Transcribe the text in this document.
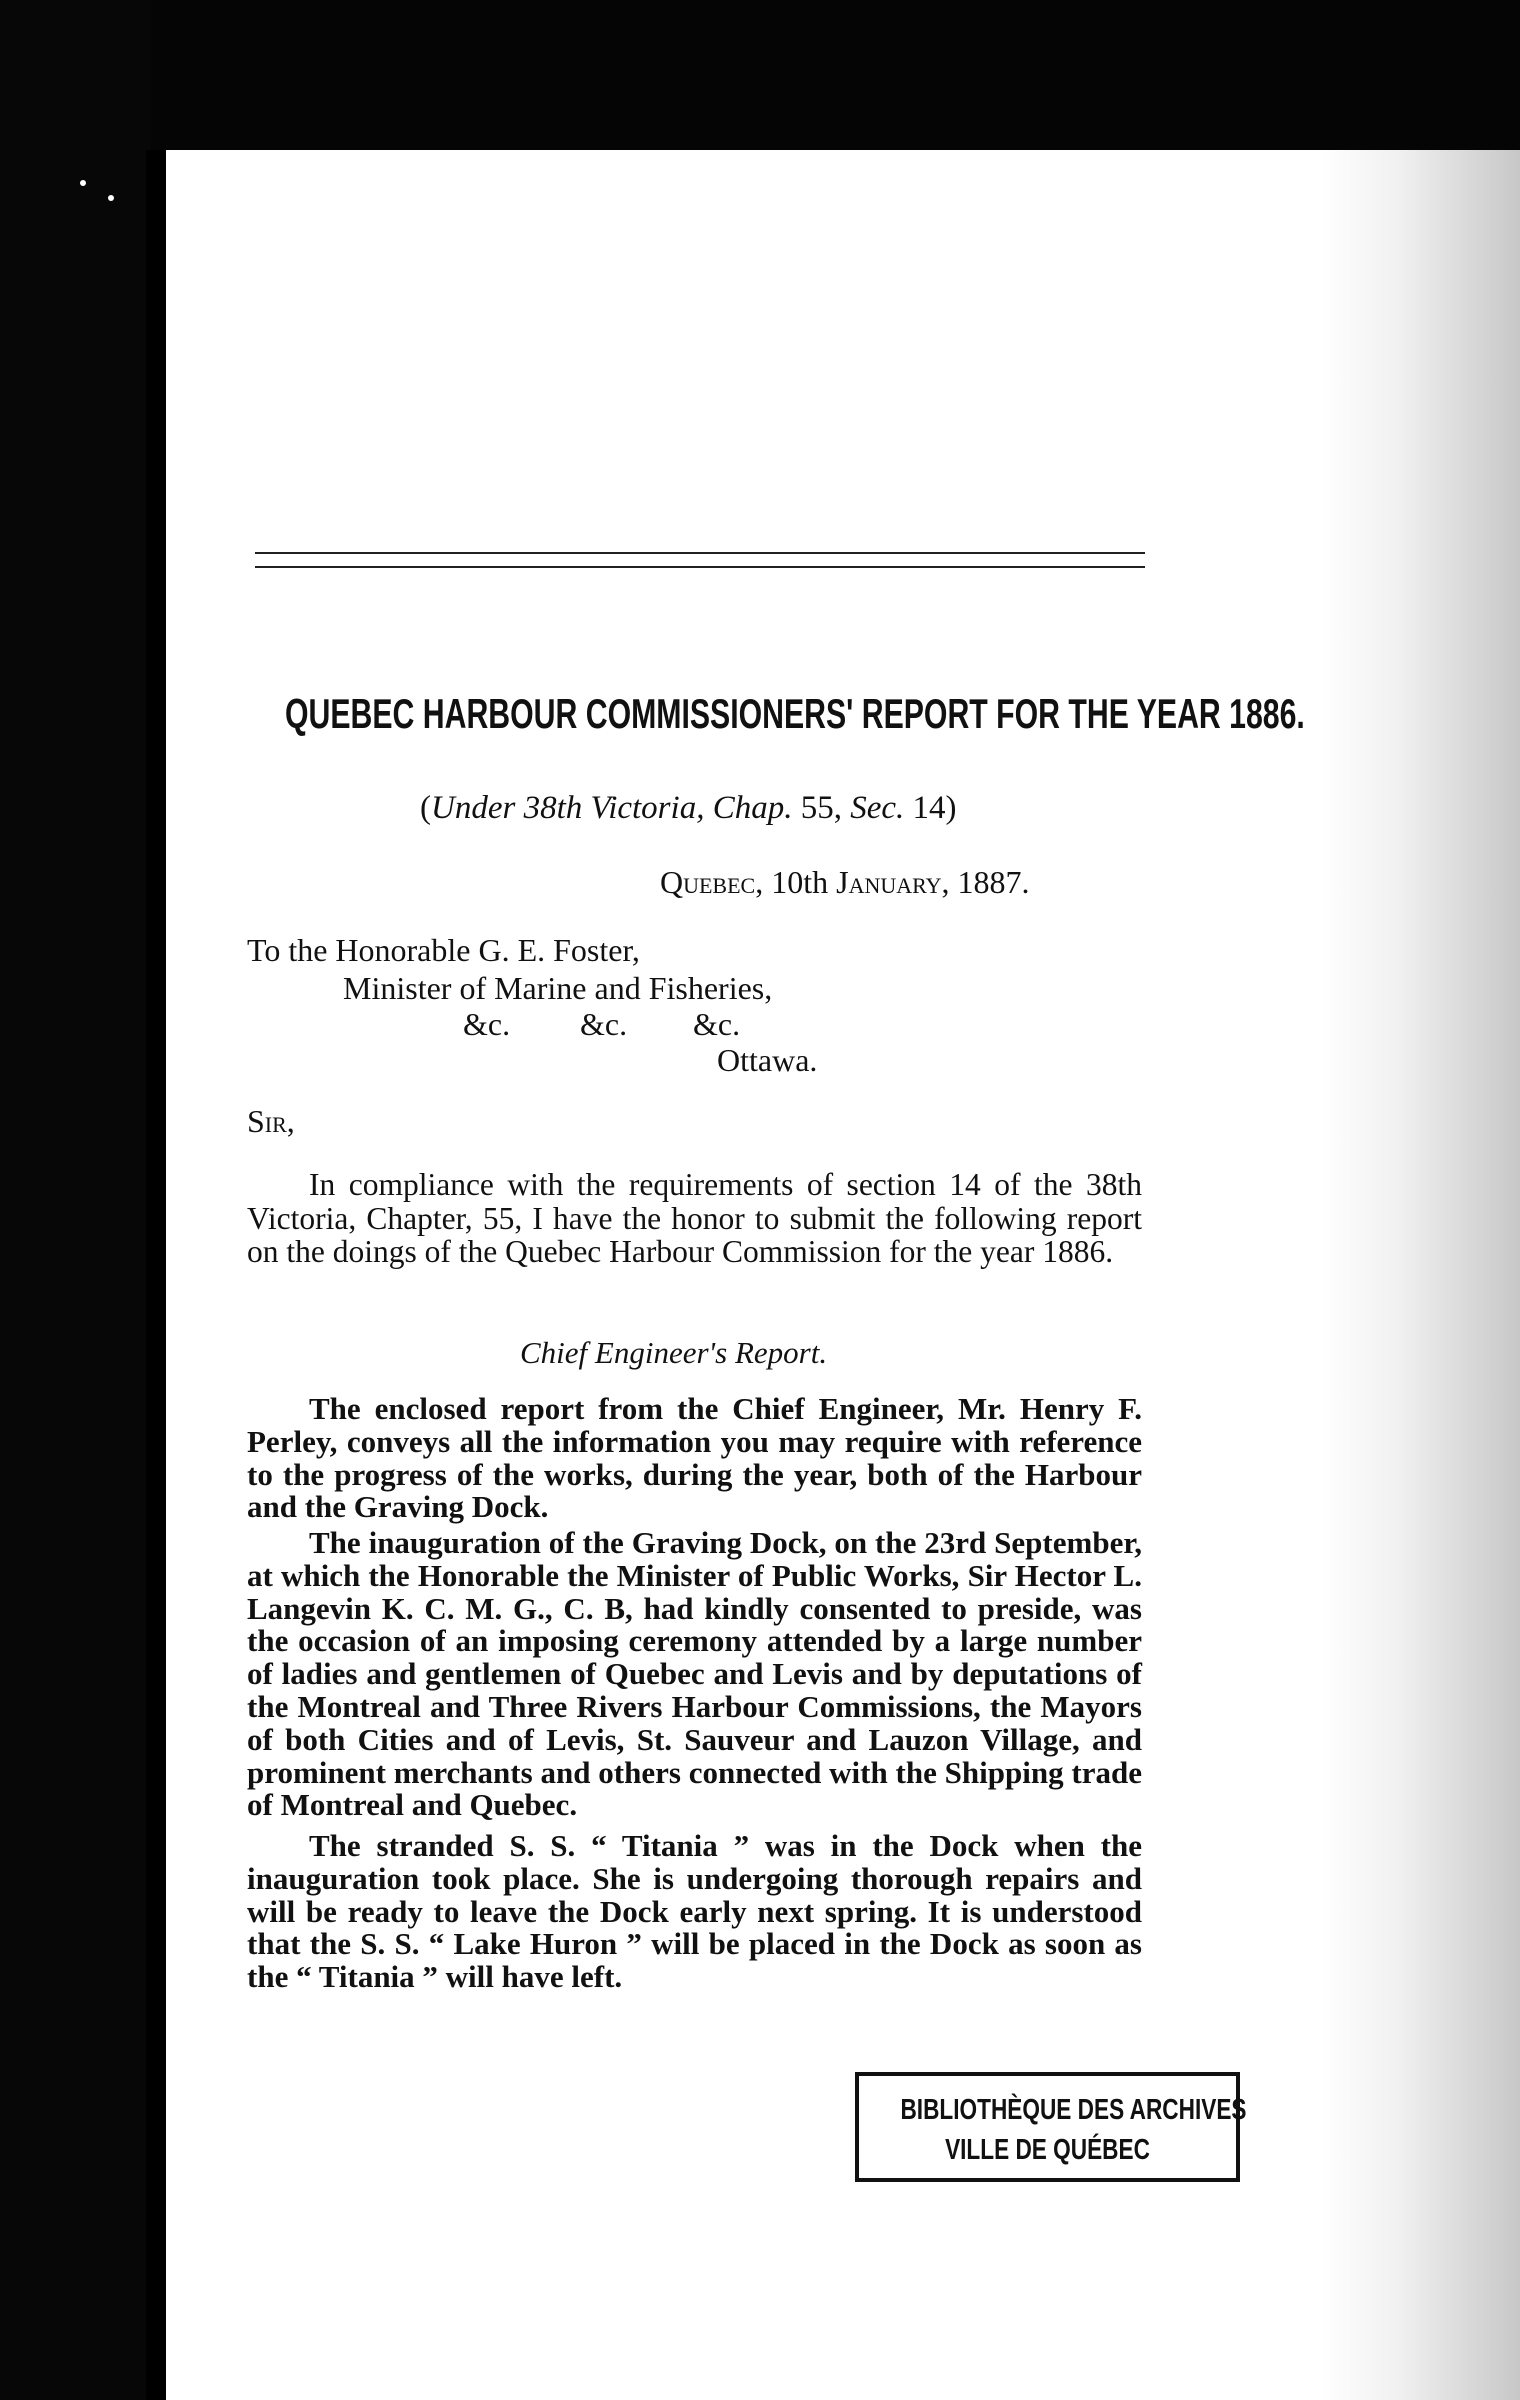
QUEBEC HARBOUR COMMISSIONERS' REPORT FOR THE YEAR 1886.
(Under 38th Victoria, Chap. 55, Sec. 14)
Quebec, 10th January, 1887.
To the Honorable G. E. Foster,
Minister of Marine and Fisheries,
&c. &c. &c.
Ottawa.
Sir,

In compliance with the requirements of section 14 of the 38th Victoria, Chapter, 55, I have the honor to submit the following report on the doings of the Quebec Harbour Commission for the year 1886.

Chief Engineer's Report.

The enclosed report from the Chief Engineer, Mr. Henry F. Perley, conveys all the information you may require with reference to the progress of the works, during the year, both of the Harbour and the Graving Dock.

The inauguration of the Graving Dock, on the 23rd September, at which the Honorable the Minister of Public Works, Sir Hector L. Langevin K. C. M. G., C. B, had kindly consented to preside, was the occasion of an imposing ceremony attended by a large number of ladies and gentlemen of Quebec and Levis and by deputations of the Montreal and Three Rivers Harbour Commissions, the Mayors of both Cities and of Levis, St. Sauveur and Lauzon Village, and prominent merchants and others connected with the Shipping trade of Montreal and Quebec.

The stranded S. S. “ Titania ” was in the Dock when the inauguration took place. She is undergoing thorough repairs and will be ready to leave the Dock early next spring. It is understood that the S. S. “ Lake Huron ” will be placed in the Dock as soon as the “ Titania ” will have left.

BIBLIOTHÈQUE DES ARCHIVES
VILLE DE QUÉBEC
